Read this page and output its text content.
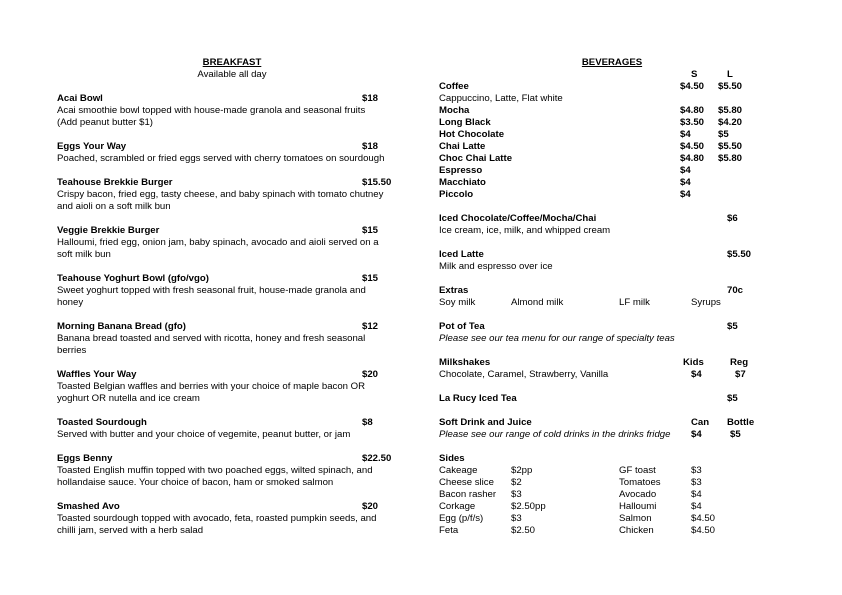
BREAKFAST
Available all day
Acai Bowl	$18
Acai smoothie bowl topped with house-made granola and seasonal fruits
(Add peanut butter $1)
Eggs Your Way	$18
Poached, scrambled or fried eggs served with cherry tomatoes on sourdough
Teahouse Brekkie Burger	$15.50
Crispy bacon, fried egg, tasty cheese, and baby spinach with tomato chutney
and aioli on a soft milk bun
Veggie Brekkie Burger	$15
Halloumi, fried egg, onion jam, baby spinach, avocado and aioli served on a
soft milk bun
Teahouse Yoghurt Bowl (gfo/vgo)	$15
Sweet yoghurt topped with fresh seasonal fruit, house-made granola and
honey
Morning Banana Bread (gfo)	$12
Banana bread toasted and served with ricotta, honey and fresh seasonal
berries
Waffles Your Way	$20
Toasted Belgian waffles and berries with your choice of maple bacon OR
yoghurt OR nutella and ice cream
Toasted Sourdough	$8
Served with butter and your choice of vegemite, peanut butter, or jam
Eggs Benny	$22.50
Toasted English muffin topped with two poached eggs, wilted spinach, and
hollandaise sauce. Your choice of bacon, ham or smoked salmon
Smashed Avo	$20
Toasted sourdough topped with avocado, feta, roasted pumpkin seeds, and
chilli jam, served with a herb salad
BEVERAGES
S	L
Coffee	$4.50 $5.50
Cappuccino, Latte, Flat white
Mocha	$4.80 $5.80
Long Black	$3.50 $4.20
Hot Chocolate	$4	$5
Chai Latte	$4.50 $5.50
Choc Chai Latte	$4.80 $5.80
Espresso	$4
Macchiato	$4
Piccolo	$4
Iced Chocolate/Coffee/Mocha/Chai	$6
Ice cream, ice, milk, and whipped cream
Iced Latte	$5.50
Milk and espresso over ice
Extras	70c
Soy milk	Almond milk	LF milk	Syrups
Pot of Tea	$5
Please see our tea menu for our range of specialty teas
Milkshakes	Kids	Reg
Chocolate, Caramel, Strawberry, Vanilla	$4	$7
La Rucy Iced Tea	$5
Soft Drink and Juice	Can Bottle
Please see our range of cold drinks in the drinks fridge $4	$5
Sides
Cakeage	$2pp	GF toast	$3
Cheese slice $2	Tomatoes	$3
Bacon rasher $3	Avocado	$4
Corkage	$2.50pp	Halloumi	$4
Egg (p/f/s)	$3	Salmon	$4.50
Feta	$2.50	Chicken	$4.50
